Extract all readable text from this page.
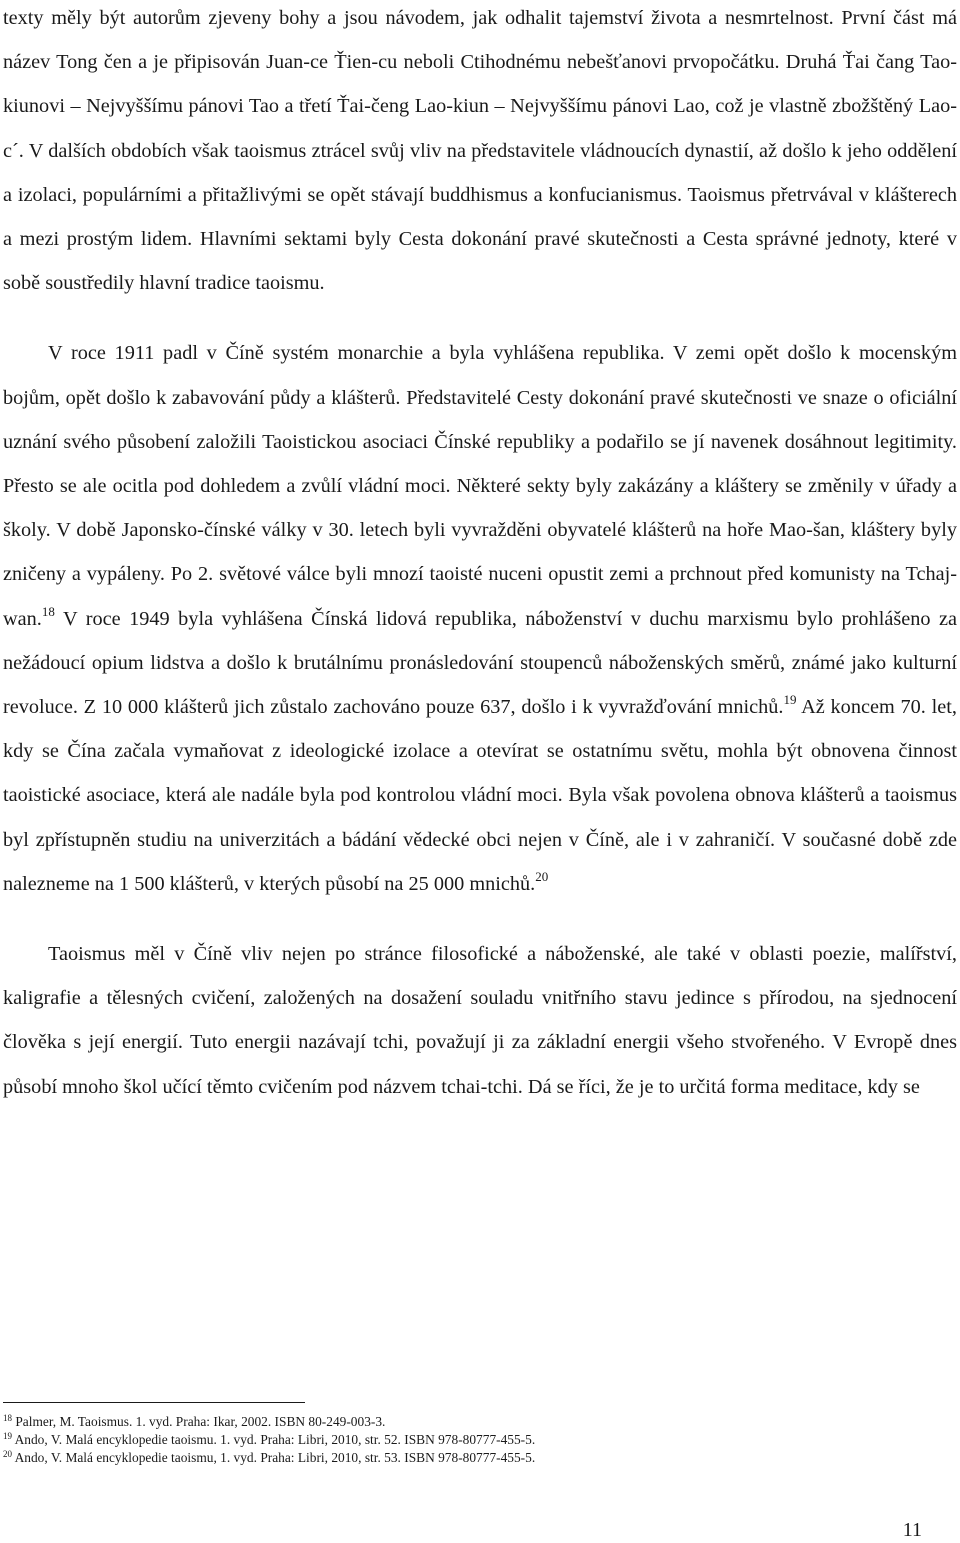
texty měly být autorům zjeveny bohy a jsou návodem, jak odhalit tajemství života a nesmrtelnost. První část má název Tong čen a je připisován Juan-ce Ťien-cu neboli Ctihodnému nebešťanovi prvopočátku. Druhá Ťai čang Tao-kiunovi – Nejvyššímu pánovi Tao a třetí Ťai-čeng Lao-kiun – Nejvyššímu pánovi Lao, což je vlastně zbožštěný Lao-c´. V dalších obdobích však taoismus ztrácel svůj vliv na představitele vládnoucích dynastií, až došlo k jeho oddělení a izolaci, populárními a přitažlivými se opět stávají buddhismus a konfucianismus. Taoismus přetrvával v klášterech a mezi prostým lidem. Hlavními sektami byly Cesta dokonání pravé skutečnosti a Cesta správné jednoty, které v sobě soustředily hlavní tradice taoismu.

V roce 1911 padl v Číně systém monarchie a byla vyhlášena republika. V zemi opět došlo k mocenským bojům, opět došlo k zabavování půdy a klášterů. Představitelé Cesty dokonání pravé skutečnosti ve snaze o oficiální uznání svého působení založili Taoistickou asociaci Čínské republiky a podařilo se jí navenek dosáhnout legitimity. Přesto se ale ocitla pod dohledem a zvůlí vládní moci. Některé sekty byly zakázány a kláštery se změnily v úřady a školy. V době Japonsko-čínské války v 30. letech byli vyvražděni obyvatelé klášterů na hoře Mao-šan, kláštery byly zničeny a vypáleny. Po 2. světové válce byli mnozí taoisté nuceni opustit zemi a prchnout před komunisty na Tchaj-wan.$^{18}$ V roce 1949 byla vyhlášena Čínská lidová republika, náboženství v duchu marxismu bylo prohlášeno za nežádoucí opium lidstva a došlo k brutálnímu pronásledování stoupenců náboženských směrů, známé jako kulturní revoluce. Z 10 000 klášterů jich zůstalo zachováno pouze 637, došlo i k vyvražďování mnichů.$^{19}$ Až koncem 70. let, kdy se Čína začala vymaňovat z ideologické izolace a otevírat se ostatnímu světu, mohla být obnovena činnost taoistické asociace, která ale nadále byla pod kontrolou vládní moci. Byla však povolena obnova klášterů a taoismus byl zpřístupněn studiu na univerzitách a bádání vědecké obci nejen v Číně, ale i v zahraničí. V současné době zde nalezneme na 1 500 klášterů, v kterých působí na 25 000 mnichů.$^{20}$

Taoismus měl v Číně vliv nejen po stránce filosofické a náboženské, ale také v oblasti poezie, malířství, kaligrafie a tělesných cvičení, založených na dosažení souladu vnitřního stavu jedince s přírodou, na sjednocení člověka s její energií. Tuto energii nazávají tchi, považují ji za základní energii všeho stvořeného. V Evropě dnes působí mnoho škol učící těmto cvičením pod názvem tchai-tchi. Dá se říci, že je to určitá forma meditace, kdy se

$^{18}$ Palmer, M. Taoismus. 1. vyd. Praha: Ikar, 2002. ISBN 80-249-003-3.

$^{19}$ Ando, V. Malá encyklopedie taoismu. 1. vyd. Praha: Libri, 2010, str. 52. ISBN 978-80777-455-5.

$^{20}$ Ando, V. Malá encyklopedie taoismu, 1. vyd. Praha: Libri, 2010, str. 53. ISBN 978-80777-455-5.

11
